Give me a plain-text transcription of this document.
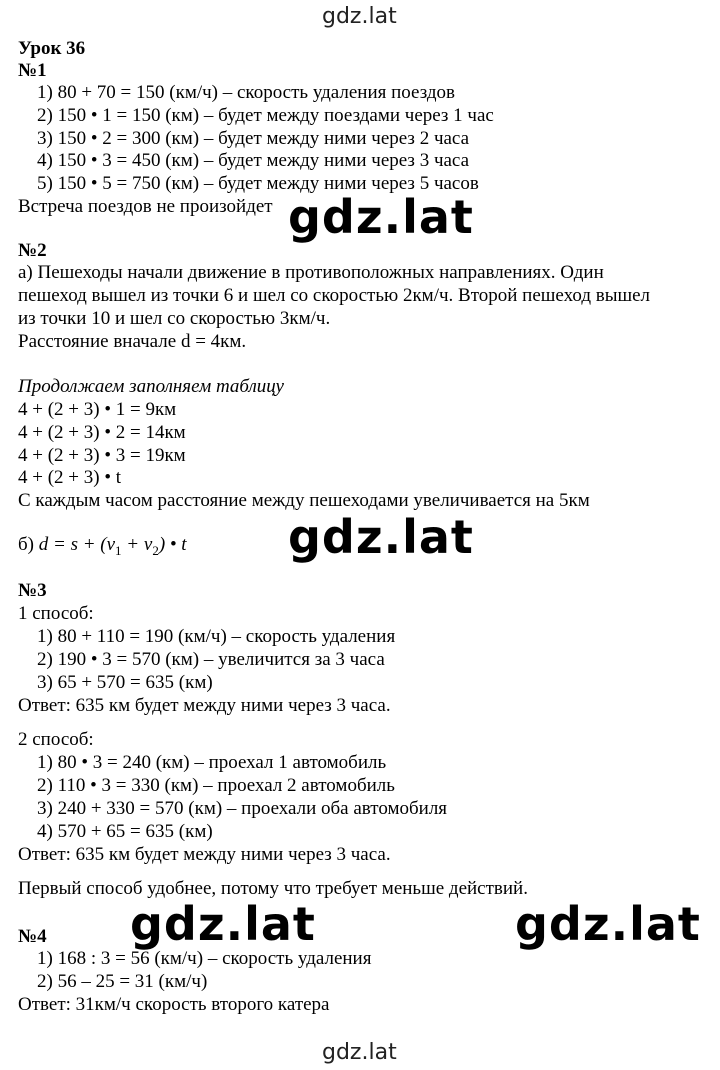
gdz.lat
gdz.lat
gdz.lat
gdz.lat	gdz.lat
gdz.lat
Урок 36
№1
1) 80 + 70 = 150 (км/ч) – скорость удаления поездов
2) 150 • 1 = 150 (км) – будет между поездами через 1 час
3) 150 • 2 = 300 (км) – будет между ними через 2 часа
4) 150 • 3 = 450 (км) – будет между ними через 3 часа
5) 150 • 5 = 750 (км) – будет между ними через 5 часов
Встреча поездов не произойдет
№2
а) Пешеходы начали движение в противоположных направлениях. Один
пешеход вышел из точки 6 и шел со скоростью 2км/ч. Второй пешеход вышел
из точки 10 и шел со скоростью 3км/ч.
Расстояние вначале d = 4км.
Продолжаем заполняем таблицу
4 + (2 + 3) • 1 = 9км
4 + (2 + 3) • 2 = 14км
4 + (2 + 3) • 3 = 19км
4 + (2 + 3) • t
С каждым часом расстояние между пешеходами увеличивается на 5км
б) $d = s + (v_1 + v_2)$ • t
№3
1 способ:
1) 80 + 110 = 190 (км/ч) – скорость удаления
2) 190 • 3 = 570 (км) – увеличится за 3 часа
3) 65 + 570 = 635 (км)
Ответ: 635 км будет между ними через 3 часа.
2 способ:
1) 80 • 3 = 240 (км) – проехал 1 автомобиль
2) 110 • 3 = 330 (км) – проехал 2 автомобиль
3) 240 + 330 = 570 (км) – проехали оба автомобиля
4) 570 + 65 = 635 (км)
Ответ: 635 км будет между ними через 3 часа.
Первый способ удобнее, потому что требует меньше действий.
№4
1) 168 : 3 = 56 (км/ч) – скорость удаления
2) 56 – 25 = 31 (км/ч)
Ответ: 31км/ч скорость второго катера
